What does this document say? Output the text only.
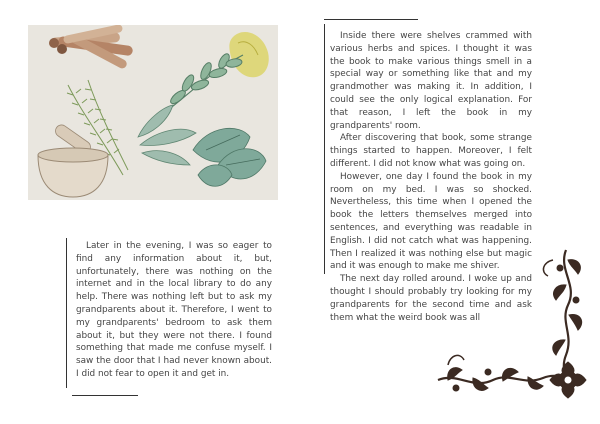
Later in the evening, I was so eager to find any information about it, but, unfortunately, there was nothing on the internet and in the local library to do any help. There was nothing left but to ask my grandparents about it. Therefore, I went to my grandparents' bedroom to ask them about it, but they were not there. I found something that made me confuse myself. I saw the door that I had never known about. I did not fear to open it and get in.

Inside there were shelves crammed with various herbs and spices. I thought it was the book to make various things smell in a special way or something like that and my grandmother was making it. In addition, I could see the only logical explanation. For that reason, I left the book in my grandparents' room.

After discovering that book, some strange things started to happen. Moreover, I felt different. I did not know what was going on.

However, one day I found the book in my room on my bed. I was so shocked. Nevertheless, this time when I opened the book the letters themselves merged into sentences, and everything was readable in English. I did not catch what was happening. Then I realized it was nothing else but magic and it was enough to make me shiver.

The next day rolled around. I woke up and thought I should probably try looking for my grandparents for the second time and ask them what the weird book was all
